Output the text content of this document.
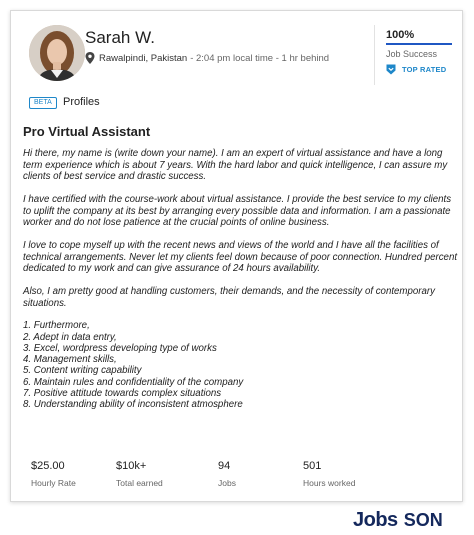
Sarah W.
Rawalpindi, Pakistan - 2:04 pm local time - 1 hr behind
100%
Job Success
TOP RATED
BETA	Profiles
Pro Virtual Assistant

Hi there, my name is (write down your name). I am an expert of virtual assistance and have a long term experience which is about 7 years. With the hard labor and quick intelligence, I can assure my clients of best service and drastic success.

I have certified with the course-work about virtual assistance. I provide the best service to my clients to uplift the company at its best by arranging every possible data and information. I am a passionate worker and do not lose patience at the crucial points of online business.

I love to cope myself up with the recent news and views of the world and I have all the facilities of technical arrangements. Never let my clients feel down because of poor connection. Hundred percent dedicated to my work and can give assurance of 24 hours availability.

Also, I am pretty good at handling customers, their demands, and the necessity of contemporary situations.

1. Furthermore,
2. Adept in data entry,
3. Excel, wordpress developing type of works
4. Management skills,
5. Content writing capability
6. Maintain rules and confidentiality of the company
7. Positive attitude towards complex situations
8. Understanding ability of inconsistent atmosphere
$25.00
Hourly Rate
$10k+
Total earned
94
Jobs
501
Hours worked
Jobs SON
